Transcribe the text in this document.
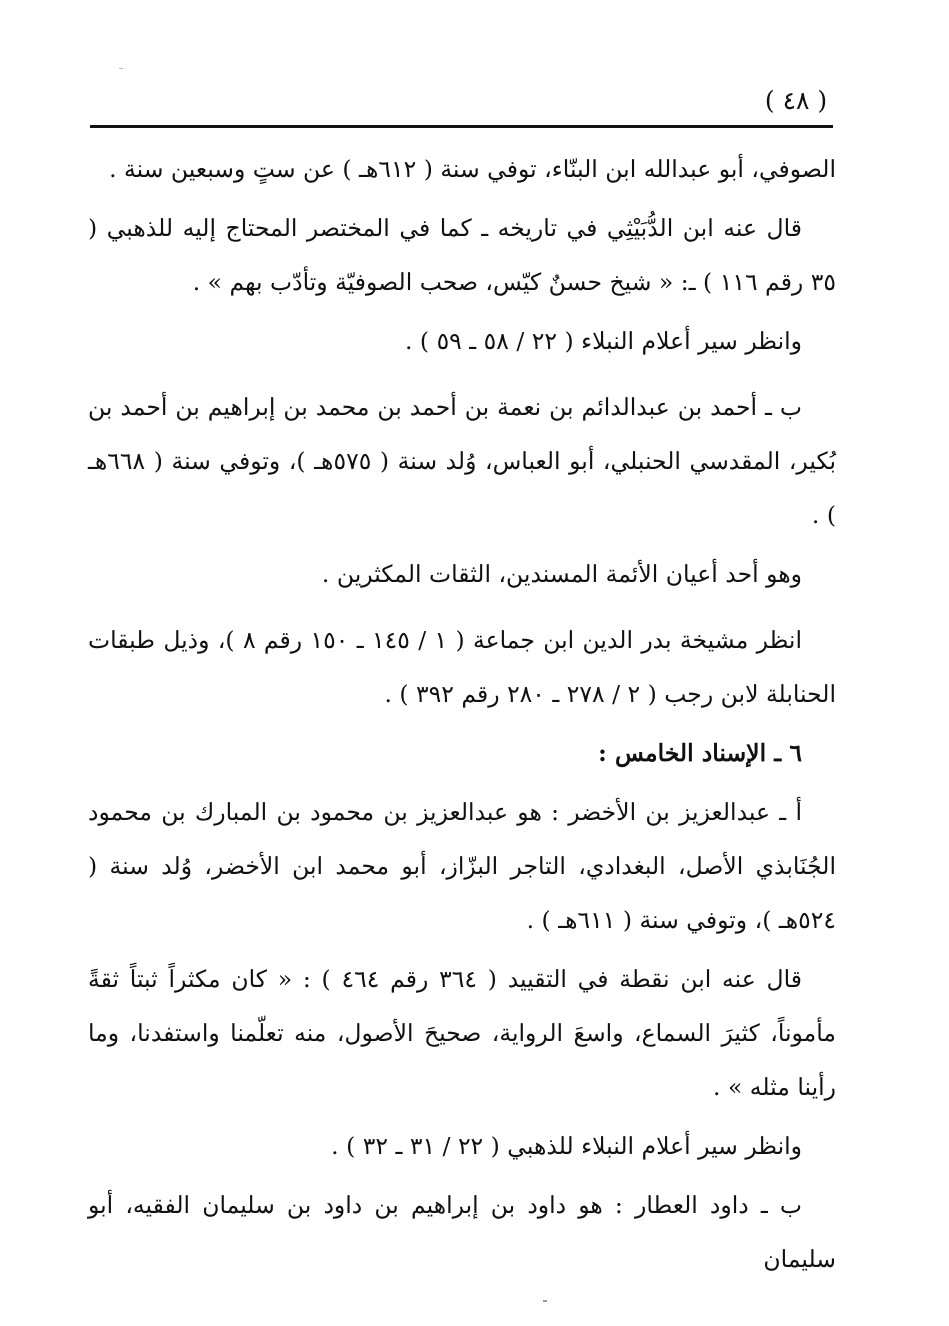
( ٤٨ )

الصوفي، أبو عبدالله ابن البنّاء، توفي سنة ( ٦١٢هـ ) عن ستٍ وسبعين سنة .

قال عنه ابن الدُّبَيْثِي في تاريخه ـ كما في المختصر المحتاج إليه للذهبي ( ٣٥ رقم ١١٦ ) ـ: « شيخ حسنٌ كيّس، صحب الصوفيّة وتأدّب بهم » .

وانظر سير أعلام النبلاء ( ٢٢ / ٥٨ ـ ٥٩ ) .

ب ـ أحمد بن عبدالدائم بن نعمة بن أحمد بن محمد بن إبراهيم بن أحمد بن بُكير، المقدسي الحنبلي، أبو العباس، وُلد سنة ( ٥٧٥هـ )، وتوفي سنة ( ٦٦٨هـ ) .

وهو أحد أعيان الأئمة المسندين، الثقات المكثرين .

انظر مشيخة بدر الدين ابن جماعة ( ١ / ١٤٥ ـ ١٥٠ رقم ٨ )، وذيل طبقات الحنابلة لابن رجب ( ٢ / ٢٧٨ ـ ٢٨٠ رقم ٣٩٢ ) .

٦ ـ الإسناد الخامس :

أ ـ عبدالعزيز بن الأخضر : هو عبدالعزيز بن محمود بن المبارك بن محمود الجُنَابذي الأصل، البغدادي، التاجر البزّاز، أبو محمد ابن الأخضر، وُلد سنة ( ٥٢٤هـ )، وتوفي سنة ( ٦١١هـ ) .

قال عنه ابن نقطة في التقييد ( ٣٦٤ رقم ٤٦٤ ) : « كان مكثراً ثبتاً ثقةً مأموناً، كثيرَ السماع، واسعَ الرواية، صحيحَ الأصول، منه تعلّمنا واستفدنا، وما رأينا مثله » .

وانظر سير أعلام النبلاء للذهبي ( ٢٢ / ٣١ ـ ٣٢ ) .

ب ـ داود العطار : هو داود بن إبراهيم بن داود بن سليمان الفقيه، أبو سليمان
